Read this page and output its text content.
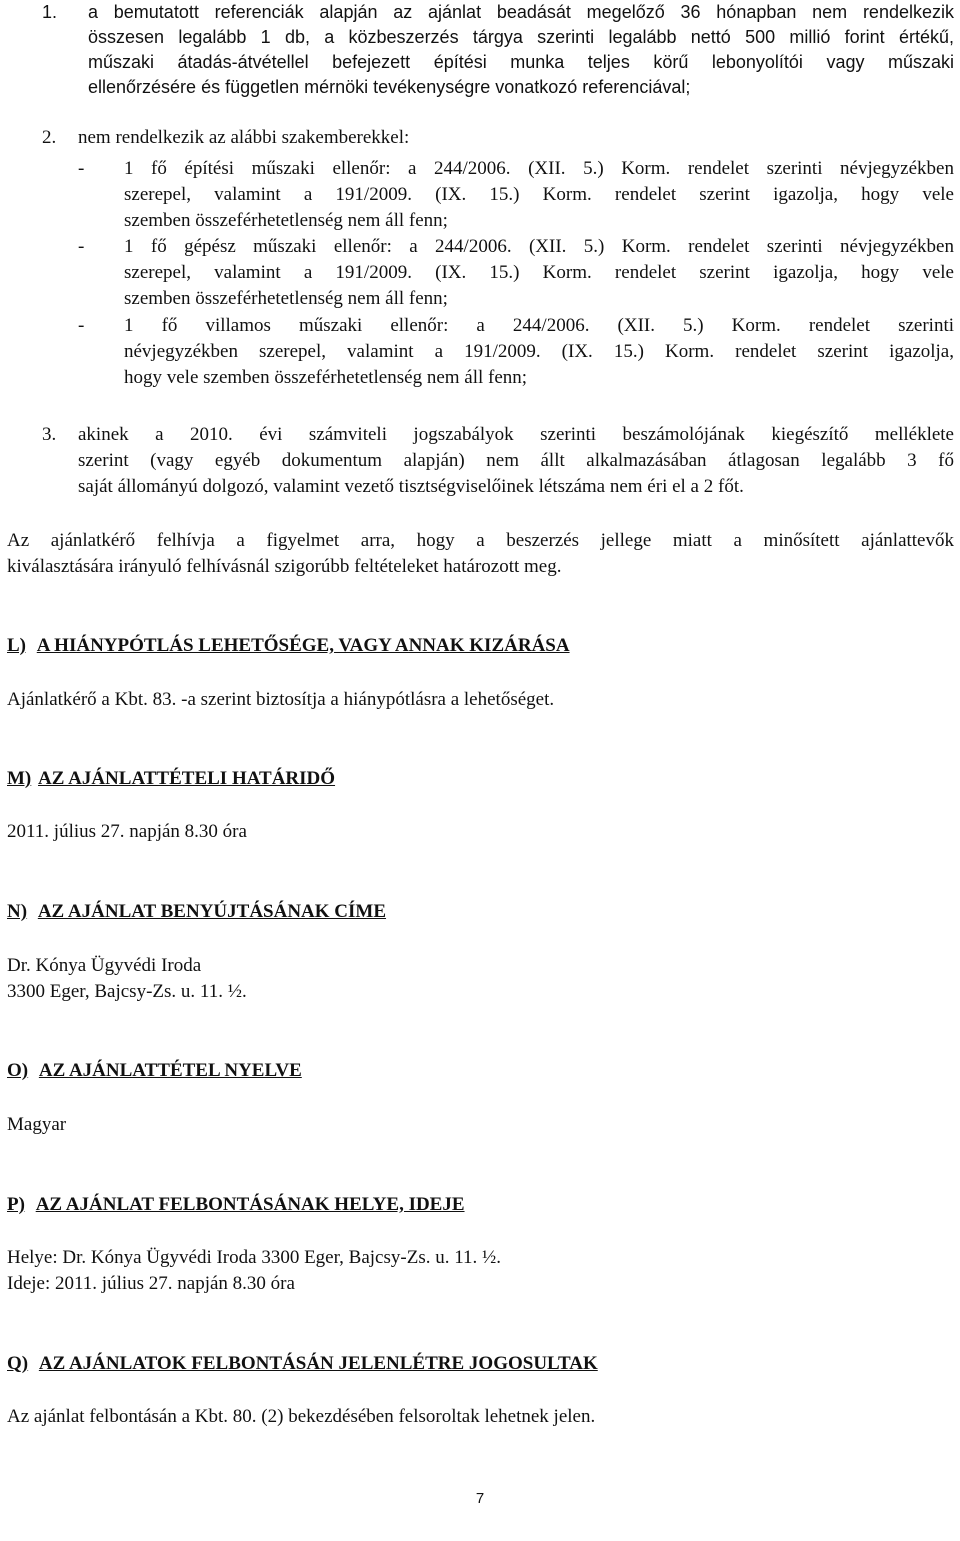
1. a bemutatott referenciák alapján az ajánlat beadását megelőző 36 hónapban nem rendelkezik
összesen legalább 1 db, a közbeszerzés tárgya szerinti legalább nettó 500 millió forint értékű,
műszaki átadás-átvétellel befejezett építési munka teljes körű lebonyolítói vagy műszaki
ellenőrzésére és független mérnöki tevékenységre vonatkozó referenciával;
2. nem rendelkezik az alábbi szakemberekkel:
- 1 fő építési műszaki ellenőr: a 244/2006. (XII. 5.) Korm. rendelet szerinti névjegyzékben
szerepel, valamint a 191/2009. (IX. 15.) Korm. rendelet szerint igazolja, hogy vele
szemben összeférhetetlenség nem áll fenn;
- 1 fő gépész műszaki ellenőr: a 244/2006. (XII. 5.) Korm. rendelet szerinti névjegyzékben
szerepel, valamint a 191/2009. (IX. 15.) Korm. rendelet szerint igazolja, hogy vele
szemben összeférhetetlenség nem áll fenn;
- 1 fő villamos műszaki ellenőr: a 244/2006. (XII. 5.) Korm. rendelet szerinti
névjegyzékben szerepel, valamint a 191/2009. (IX. 15.) Korm. rendelet szerint igazolja,
hogy vele szemben összeférhetetlenség nem áll fenn;
3. akinek a 2010. évi számviteli jogszabályok szerinti beszámolójának kiegészítő melléklete
szerint (vagy egyéb dokumentum alapján) nem állt alkalmazásában átlagosan legalább 3 fő
saját állományú dolgozó, valamint vezető tisztségviselőinek létszáma nem éri el a 2 főt.
Az ajánlatkérő felhívja a figyelmet arra, hogy a beszerzés jellege miatt a minősített ajánlattevők
kiválasztására irányuló felhívásnál szigorúbb feltételeket határozott meg.
L) A HIÁNYPÓTLÁS LEHETŐSÉGE, VAGY ANNAK KIZÁRÁSA
Ajánlatkérő a Kbt. 83. -a szerint biztosítja a hiánypótlásra a lehetőséget.
M) AZ AJÁNLATTÉTELI HATÁRIDŐ
2011. július 27. napján 8.30 óra
N) AZ AJÁNLAT BENYÚJTÁSÁNAK CÍME
Dr. Kónya Ügyvédi Iroda
3300 Eger, Bajcsy-Zs. u. 11. ½.
O) AZ AJÁNLATTÉTEL NYELVE
Magyar
P) AZ AJÁNLAT FELBONTÁSÁNAK HELYE, IDEJE
Helye: Dr. Kónya Ügyvédi Iroda 3300 Eger, Bajcsy-Zs. u. 11. ½.
Ideje: 2011. július 27. napján 8.30 óra
Q) AZ AJÁNLATOK FELBONTÁSÁN JELENLÉTRE JOGOSULTAK
Az ajánlat felbontásán a Kbt. 80. (2) bekezdésében felsoroltak lehetnek jelen.
7
